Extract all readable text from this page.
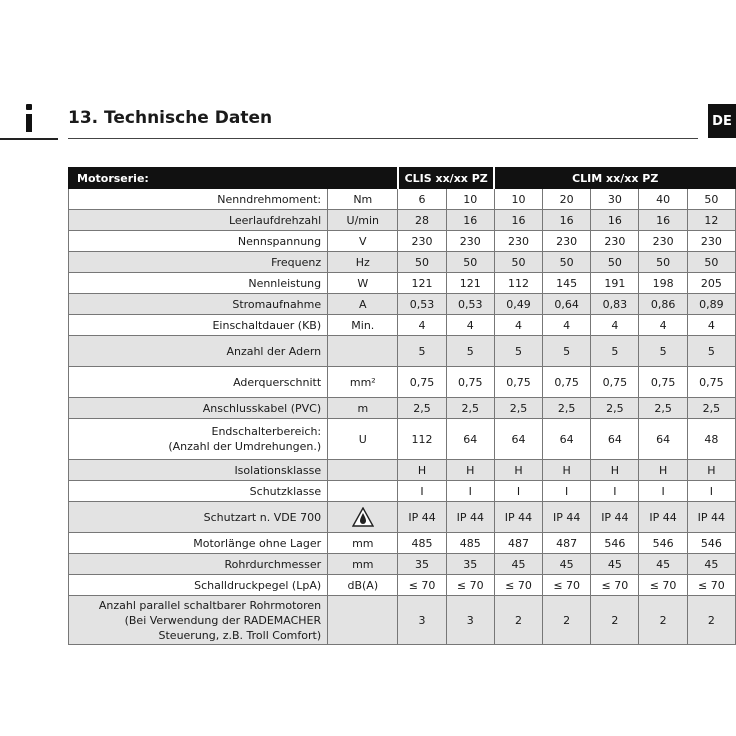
13. Technische Daten	DE
Motorserie:		CLIS xx/xx PZ		CLIM xx/xx PZ				

Nenndrehmoment:	Nm	6	10	10	20	30	40	50

Leerlaufdrehzahl	U/min	28	16	16	16	16	16	12

Nennspannung	V	230	230	230	230	230	230	230

Frequenz	Hz	50	50	50	50	50	50	50

Nennleistung	W	121	121	112	145	191	198	205

Stromaufnahme	A	0,53	0,53	0,49	0,64	0,83	0,86	0,89

Einschaltdauer (KB)	Min.	4	4	4	4	4	4	4

Anzahl der Adern		5	5	5	5	5	5	5

Aderquerschnitt	mm²	0,75	0,75	0,75	0,75	0,75	0,75	0,75

Anschlusskabel (PVC)	m	2,5	2,5	2,5	2,5	2,5	2,5	2,5

Endschalterbereich:
(Anzahl der Umdrehungen.)	U	112	64	64	64	64	64	48

Isolationsklasse		H	H	H	H	H	H	H

Schutzklasse		I	I	I	I	I	I	I

Schutzart n. VDE 700		IP 44	IP 44	IP 44	IP 44	IP 44	IP 44	IP 44

Motorlänge ohne Lager	mm	485	485	487	487	546	546	546

Rohrdurchmesser	mm	35	35	45	45	45	45	45

Schalldruckpegel (LpA)	dB(A)	≤ 70	≤ 70	≤ 70	≤ 70	≤ 70	≤ 70	≤ 70

Anzahl parallel schaltbarer Rohrmotoren
(Bei Verwendung der RADEMACHER
Steuerung, z.B. Troll Comfort)		3	3	2	2	2	2	2
